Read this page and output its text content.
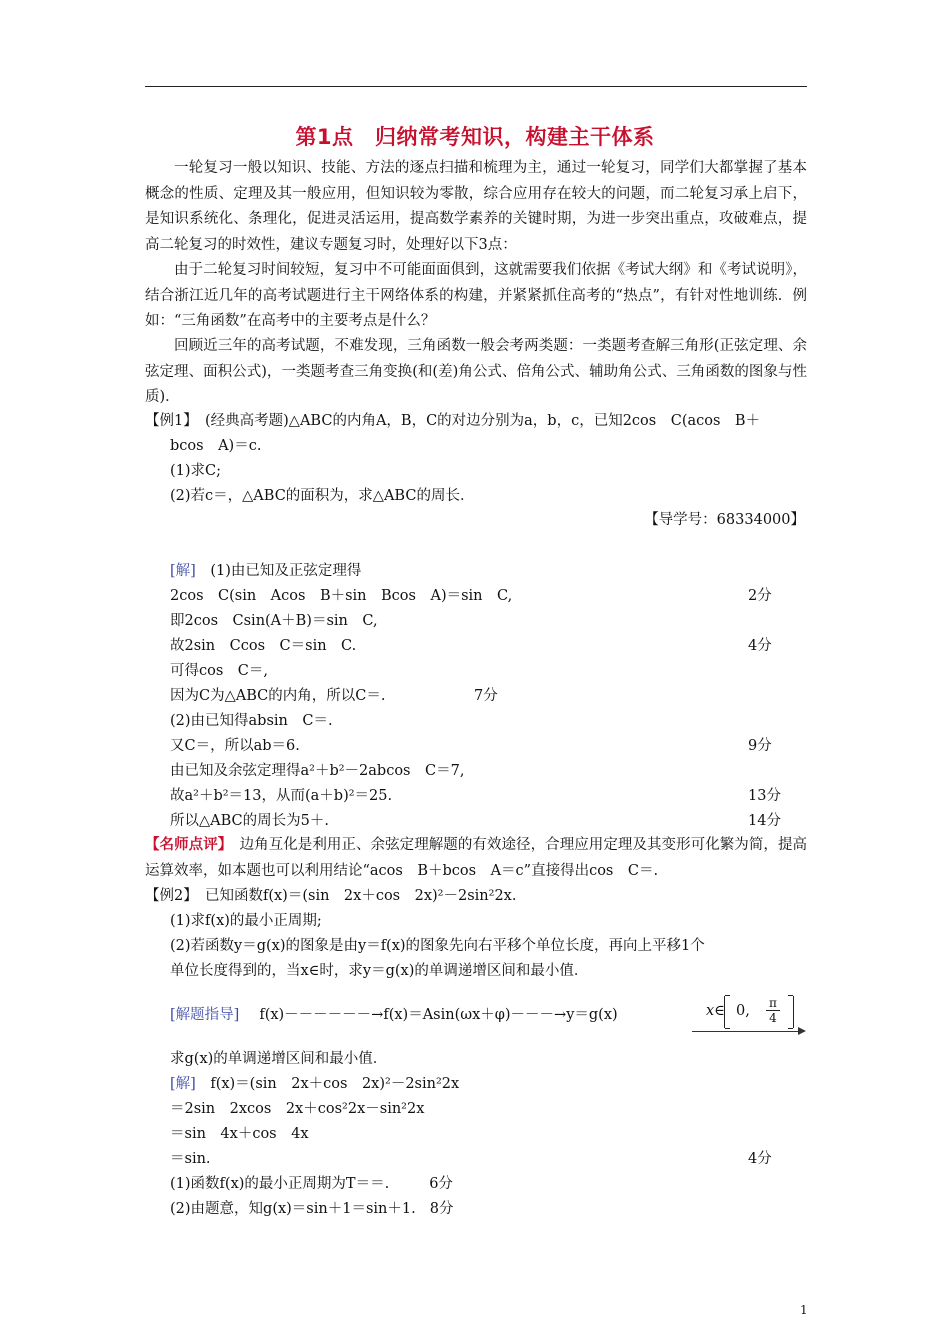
第1点　归纳常考知识，构建主干体系

一轮复习一般以知识、技能、方法的逐点扫描和梳理为主，通过一轮复习，同学们大都掌握了基本概念的性质、定理及其一般应用，但知识较为零散，综合应用存在较大的问题，而二轮复习承上启下，是知识系统化、条理化，促进灵活运用，提高数学素养的关键时期，为进一步突出重点，攻破难点，提高二轮复习的时效性，建议专题复习时，处理好以下3点：

由于二轮复习时间较短，复习中不可能面面俱到，这就需要我们依据《考试大纲》和《考试说明》，结合浙江近几年的高考试题进行主干网络体系的构建，并紧紧抓住高考的“热点”，有针对性地训练．例如：“三角函数”在高考中的主要考点是什么？

回顾近三年的高考试题，不难发现，三角函数一般会考两类题：一类题考查解三角形(正弦定理、余弦定理、面积公式)，一类题考查三角变换(和(差)角公式、倍角公式、辅助角公式、三角函数的图象与性质)．

【例1】　(经典高考题)△ABC的内角A，B，C的对边分别为a，b，c，已知2cos　C(acos　B＋
bcos　A)＝c.
(1)求C;
(2)若c＝，△ABC的面积为，求△ABC的周长．
【导学号：68334000】
[解]　(1)由已知及正弦定理得
2cos　C(sin　Acos　B＋sin　Bcos　A)＝sin　C,	2分
即2cos　Csin(A＋B)＝sin　C,
故2sin　Ccos　C＝sin　C.	4分
可得cos　C＝,
因为C为△ABC的内角，所以C＝.	7分
(2)由已知得absin　C＝.
又C＝，所以ab＝6.	9分
由已知及余弦定理得a²＋b²－2abcos　C＝7,
故a²＋b²＝13，从而(a＋b)²＝25.	13分
所以△ABC的周长为5＋.	14分

【名师点评】　边角互化是利用正、余弦定理解题的有效途径，合理应用定理及其变形可化繁为简，提高运算效率，如本题也可以利用结论“acos　B＋bcos　A＝c”直接得出cos　C＝.

【例2】　已知函数f(x)＝(sin　2x＋cos　2x)²－2sin²2x.
(1)求f(x)的最小正周期;
(2)若函数y＝g(x)的图象是由y＝f(x)的图象先向右平移个单位长度，再向上平移1个
单位长度得到的，当x∈时，求y＝g(x)的单调递增区间和最小值．
[解题指导] f(x)－－－－－－→f(x)＝Asin(ωx＋φ)－－－→y＝g(x)	x∈ 0, $\frac{\pi}{4}$
求g(x)的单调递增区间和最小值．
[解]　f(x)＝(sin　2x＋cos　2x)²－2sin²2x
＝2sin　2xcos　2x＋cos²2x－sin²2x
＝sin　4x＋cos　4x
＝sin.	4分
(1)函数f(x)的最小正周期为T＝＝.	6分
(2)由题意，知g(x)＝sin＋1＝sin＋1. 8分
1
